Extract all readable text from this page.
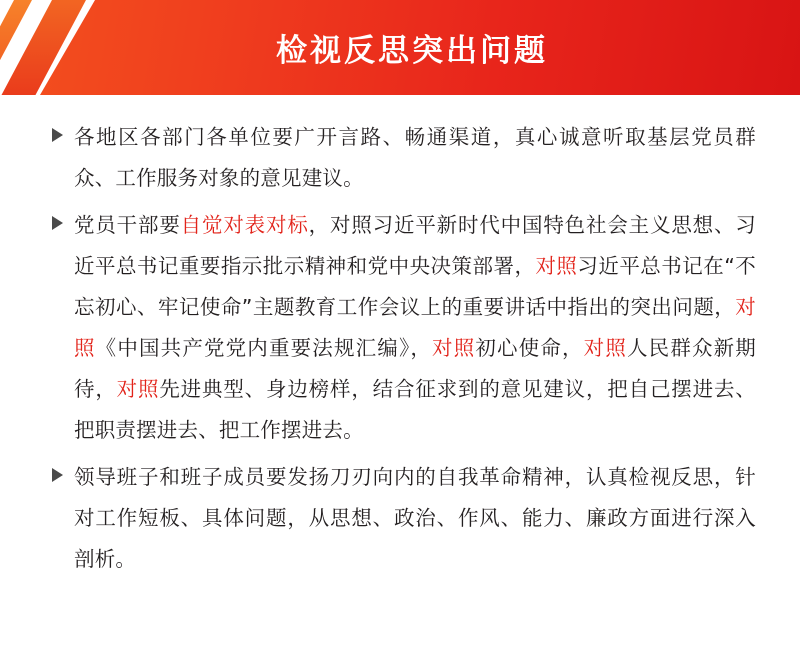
检视反思突出问题
各地区各部门各单位要广开言路、畅通渠道，真心诚意听取基层党员群众、工作服务对象的意见建议。
党员干部要自觉对表对标，对照习近平新时代中国特色社会主义思想、习近平总书记重要指示批示精神和党中央决策部署，对照习近平总书记在“不忘初心、牢记使命”主题教育工作会议上的重要讲话中指出的突出问题，对照《中国共产党党内重要法规汇编》，对照初心使命，对照人民群众新期待，对照先进典型、身边榜样，结合征求到的意见建议，把自己摆进去、把职责摆进去、把工作摆进去。
领导班子和班子成员要发扬刀刃向内的自我革命精神，认真检视反思，针对工作短板、具体问题，从思想、政治、作风、能力、廉政方面进行深入剖析。
